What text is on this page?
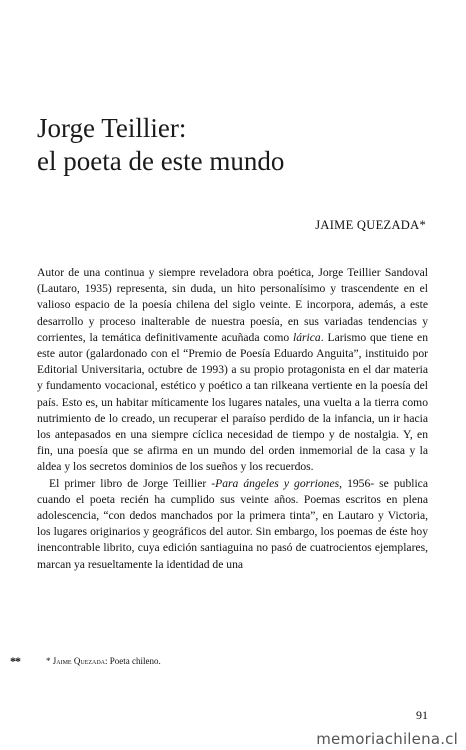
Jorge Teillier:
el poeta de este mundo
JAIME QUEZADA*

Autor de una continua y siempre reveladora obra poética, Jorge Teillier Sandoval (Lautaro, 1935) representa, sin duda, un hito personalísimo y trascendente en el valioso espacio de la poesía chilena del siglo veinte. E incorpora, además, a este desarrollo y proceso inalterable de nuestra poesía, en sus variadas tendencias y corrientes, la temática definitivamente acuñada como lárica. Larismo que tiene en este autor (galardonado con el “Premio de Poesía Eduardo Anguita”, instituido por Editorial Universitaria, octubre de 1993) a su propio protagonista en el dar materia y fundamento vocacional, estético y poético a tan rilkeana vertiente en la poesía del país. Esto es, un habitar míticamente los lugares natales, una vuelta a la tierra como nutrimiento de lo creado, un recuperar el paraíso perdido de la infancia, un ir hacia los antepasados en una siempre cíclica necesidad de tiempo y de nostalgia. Y, en fin, una poesía que se afirma en un mundo del orden inmemorial de la casa y la aldea y los secretos dominios de los sueños y los recuerdos.

El primer libro de Jorge Teillier -Para ángeles y gorriones, 1956- se publica cuando el poeta recién ha cumplido sus veinte años. Poemas escritos en plena adolescencia, “con dedos manchados por la primera tinta”, en Lautaro y Victoria, los lugares originarios y geográficos del autor. Sin embargo, los poemas de éste hoy inencontrable librito, cuya edición santiaguina no pasó de cuatrocientos ejemplares, marcan ya resueltamente la identidad de una

**	* Jaime Quezada: Poeta chileno.
91
memoriachilena.cl
